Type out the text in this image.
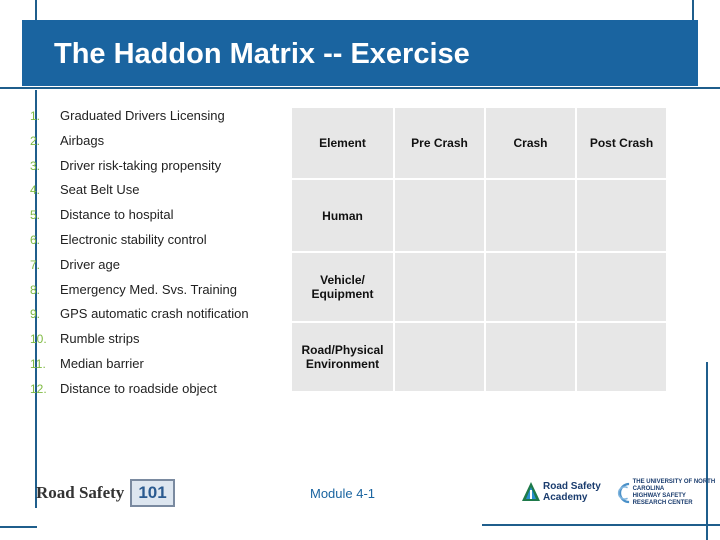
The Haddon Matrix -- Exercise
1. Graduated Drivers Licensing
2. Airbags
3. Driver risk-taking propensity
4. Seat Belt Use
5. Distance to hospital
6. Electronic stability control
7. Driver age
8. Emergency Med. Svs. Training
9. GPS automatic crash notification
10. Rumble strips
11. Median barrier
12. Distance to roadside object
Element	Pre Crash	Crash	Post Crash
Human			
Vehicle/ Equipment			
Road/Physical Environment			
Road Safety 101	Module 4-1	Road Safety
Academy
THE UNIVERSITY OF NORTH CAROLINA
HIGHWAY SAFETY
RESEARCH CENTER
